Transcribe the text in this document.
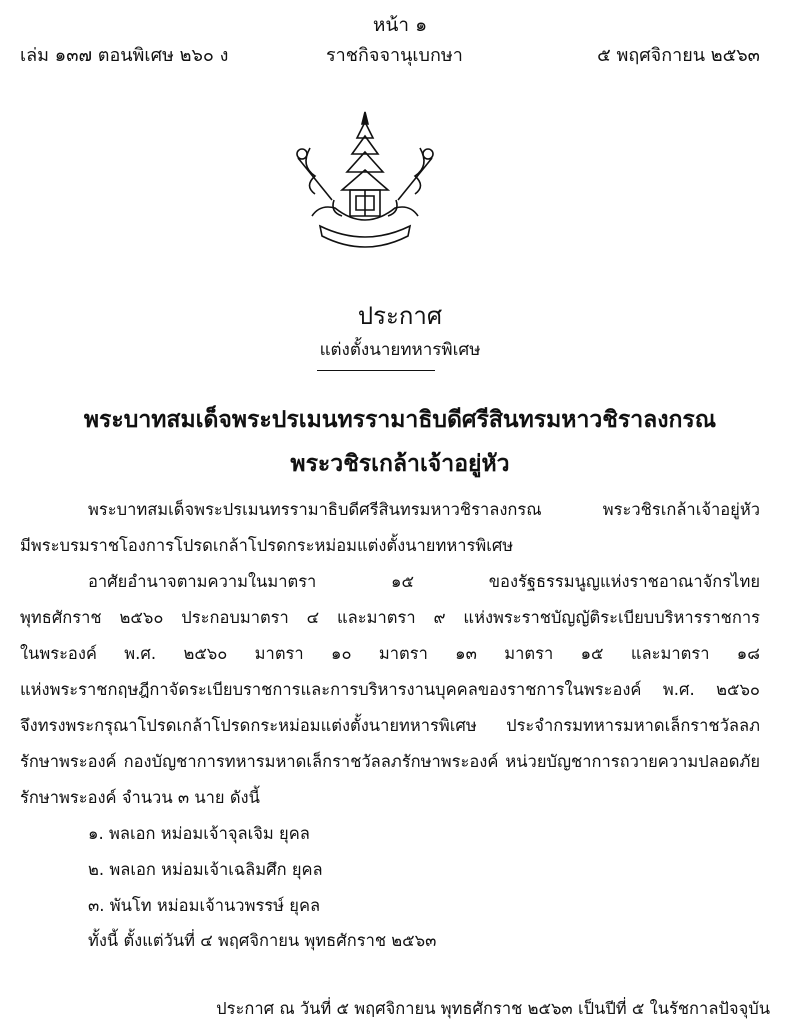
หน้า ๑
เล่ม ๑๓๗ ตอนพิเศษ ๒๖๐ ง	ราชกิจจานุเบกษา	๕ พฤศจิกายน ๒๕๖๓
ประกาศ
แต่งตั้งนายทหารพิเศษ
พระบาทสมเด็จพระปรเมนทรรามาธิบดีศรีสินทรมหาวชิราลงกรณ
พระวชิรเกล้าเจ้าอยู่หัว
พระบาทสมเด็จพระปรเมนทรรามาธิบดีศรีสินทรมหาวชิราลงกรณ พระวชิรเกล้าเจ้าอยู่หัว
มีพระบรมราชโองการโปรดเกล้าโปรดกระหม่อมแต่งตั้งนายทหารพิเศษ
อาศัยอำนาจตามความในมาตรา ๑๕ ของรัฐธรรมนูญแห่งราชอาณาจักรไทย
พุทธศักราช ๒๕๖๐ ประกอบมาตรา ๔ และมาตรา ๙ แห่งพระราชบัญญัติระเบียบบริหารราชการ
ในพระองค์ พ.ศ. ๒๕๖๐ มาตรา ๑๐ มาตรา ๑๓ มาตรา ๑๕ และมาตรา ๑๘
แห่งพระราชกฤษฎีกาจัดระเบียบราชการและการบริหารงานบุคคลของราชการในพระองค์ พ.ศ. ๒๕๖๐
จึงทรงพระกรุณาโปรดเกล้าโปรดกระหม่อมแต่งตั้งนายทหารพิเศษ ประจำกรมทหารมหาดเล็กราชวัลลภ
รักษาพระองค์ กองบัญชาการทหารมหาดเล็กราชวัลลภรักษาพระองค์ หน่วยบัญชาการถวายความปลอดภัย
รักษาพระองค์ จำนวน ๓ นาย ดังนี้
๑. พลเอก หม่อมเจ้าจุลเจิม ยุคล
๒. พลเอก หม่อมเจ้าเฉลิมศึก ยุคล
๓. พันโท หม่อมเจ้านวพรรษ์ ยุคล
ทั้งนี้ ตั้งแต่วันที่ ๔ พฤศจิกายน พุทธศักราช ๒๕๖๓
ประกาศ ณ วันที่ ๕ พฤศจิกายน พุทธศักราช ๒๕๖๓ เป็นปีที่ ๕ ในรัชกาลปัจจุบัน
